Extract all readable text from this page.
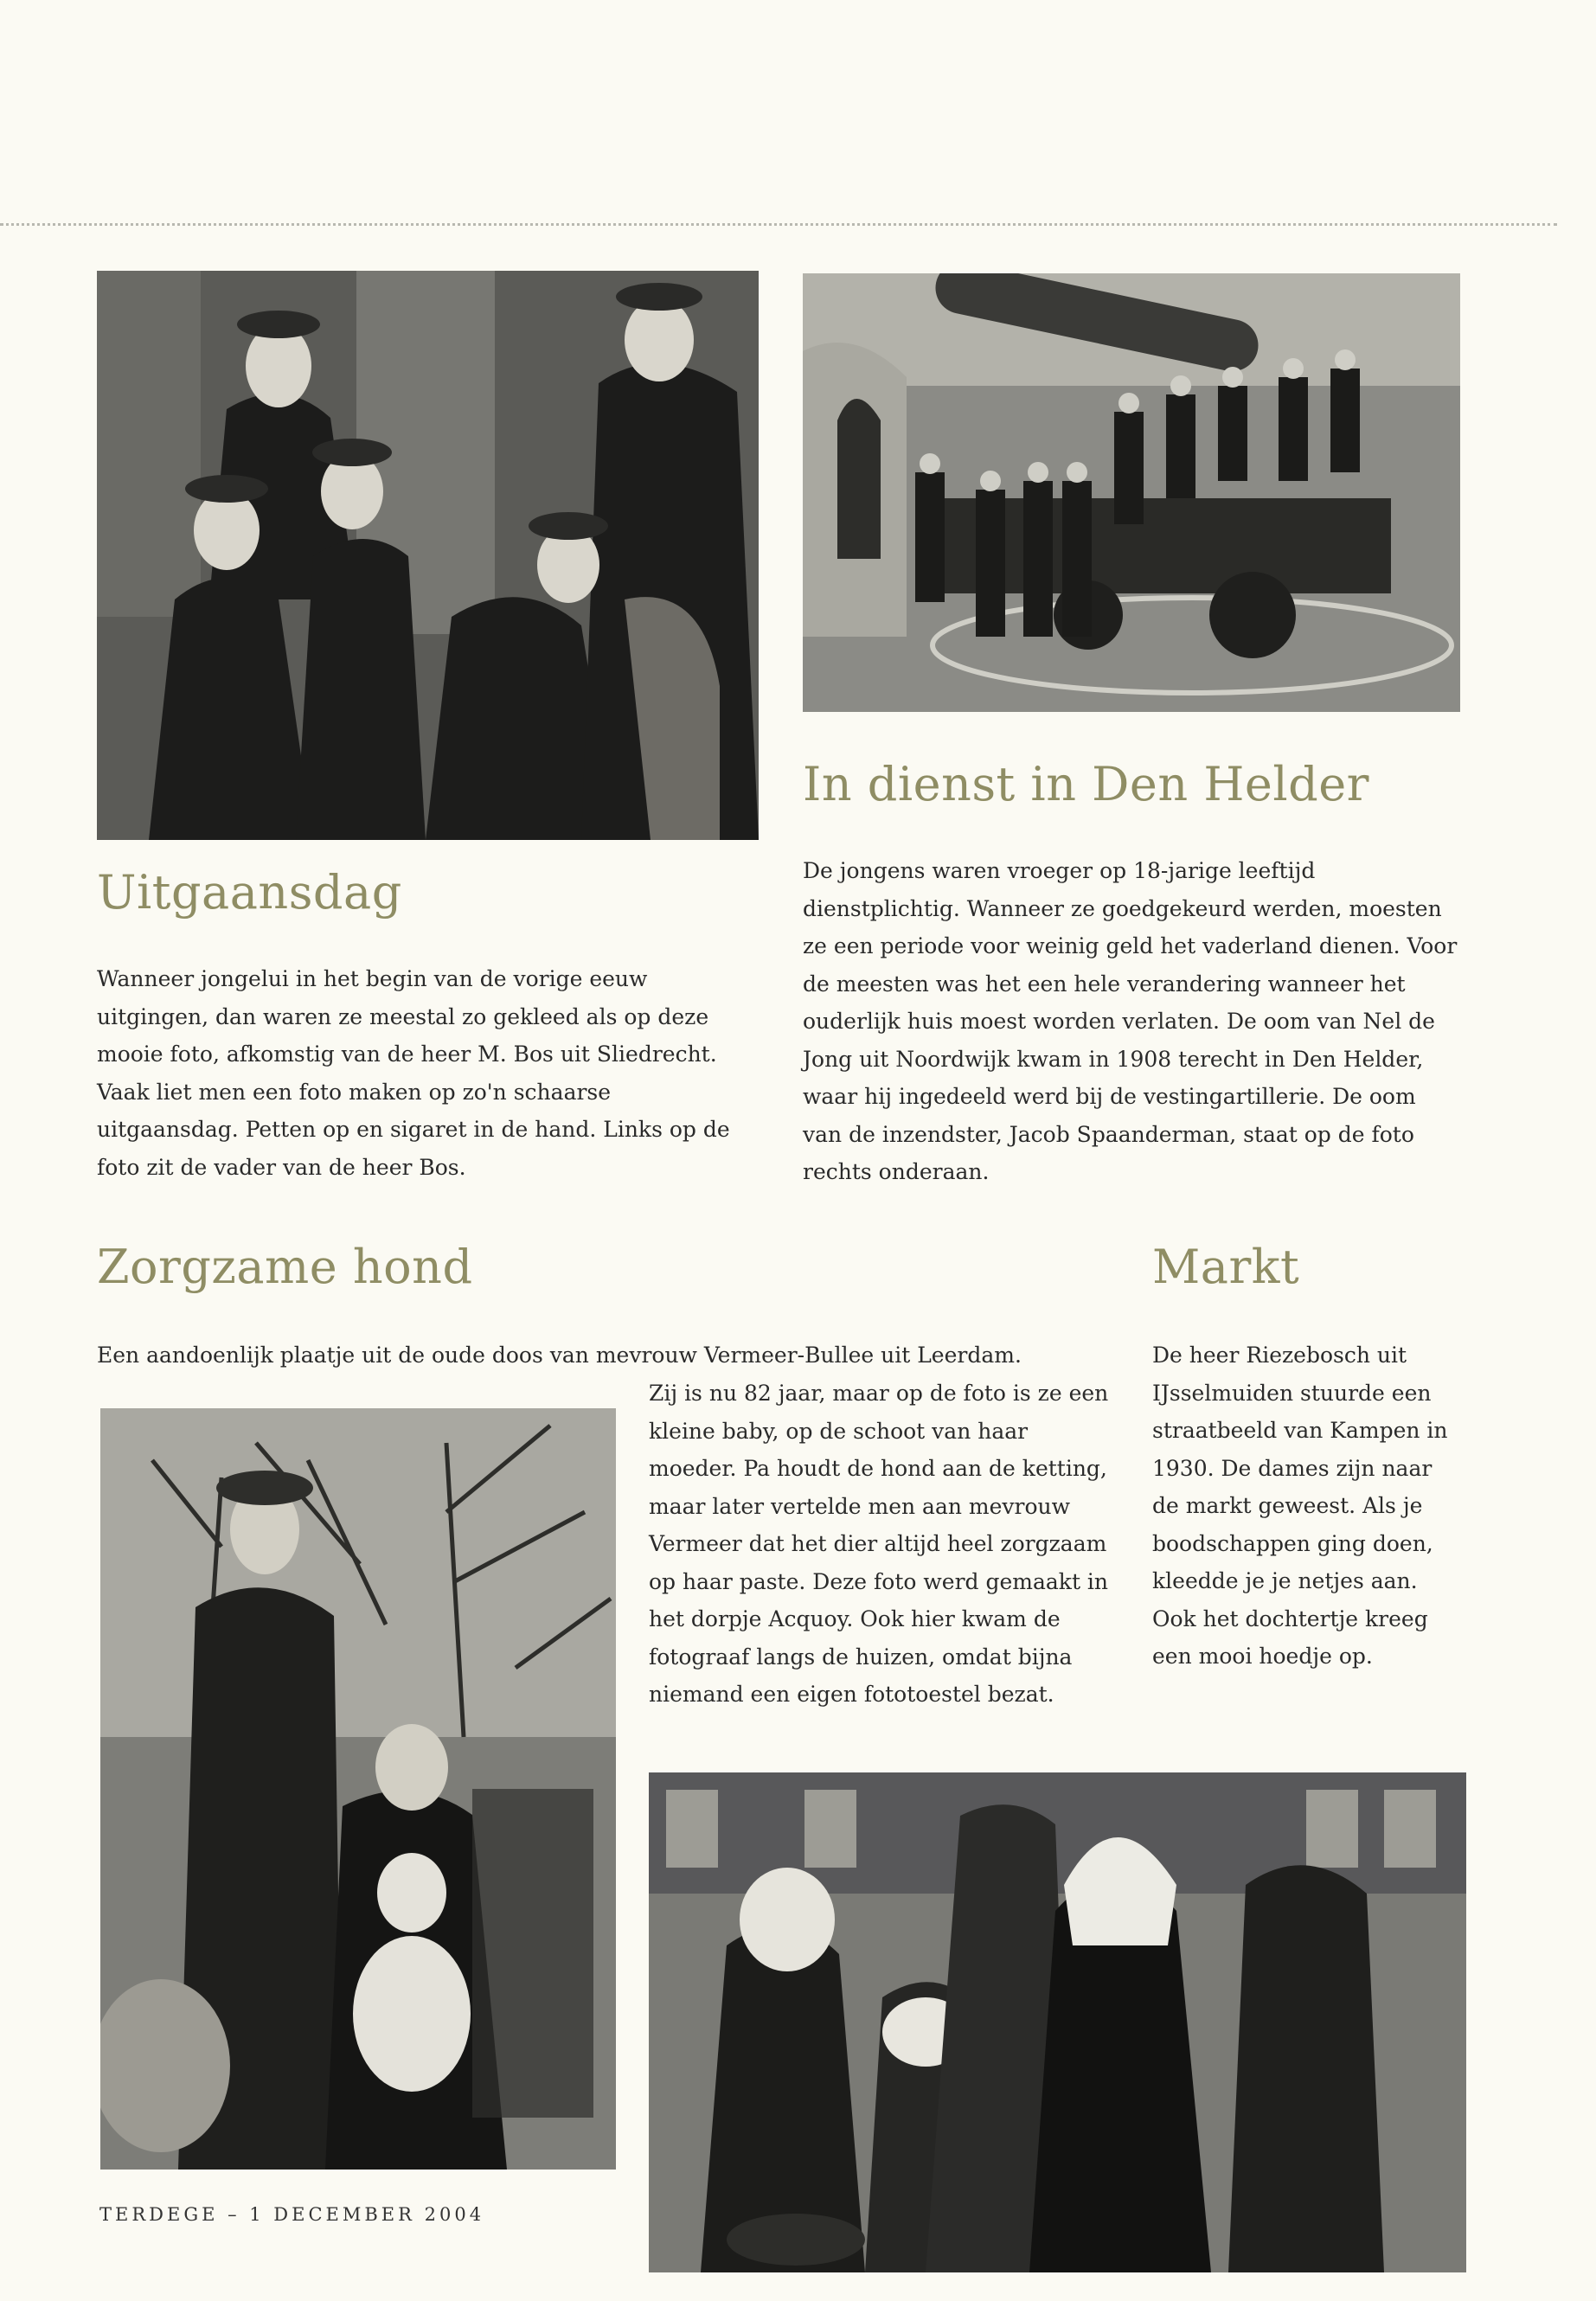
Uitgaansdag
In dienst in Den Helder
Zorgzame hond	Markt

Wanneer jongelui in het begin van de vorige eeuw uitgingen, dan waren ze meestal zo gekleed als op deze mooie foto, afkomstig van de heer M. Bos uit Sliedrecht. Vaak liet men een foto maken op zo'n schaarse uitgaansdag. Petten op en sigaret in de hand. Links op de foto zit de vader van de heer Bos.

De jongens waren vroeger op 18-jarige leeftijd dienstplichtig. Wanneer ze goedgekeurd werden, moesten ze een periode voor weinig geld het vaderland dienen. Voor de meesten was het een hele verandering wanneer het ouderlijk huis moest worden verlaten. De oom van Nel de Jong uit Noordwijk kwam in 1908 terecht in Den Helder, waar hij ingedeeld werd bij de vestingartillerie. De oom van de inzendster, Jacob Spaanderman, staat op de foto rechts onderaan.

Een aandoenlijk plaatje uit de oude doos van mevrouw Vermeer-Bullee uit Leerdam.

Zij is nu 82 jaar, maar op de foto is ze een kleine baby, op de schoot van haar moeder. Pa houdt de hond aan de ketting, maar later vertelde men aan mevrouw Vermeer dat het dier altijd heel zorgzaam op haar paste. Deze foto werd gemaakt in het dorpje Acquoy. Ook hier kwam de fotograaf langs de huizen, omdat bijna niemand een eigen fototoestel bezat.

De heer Riezebosch uit IJsselmuiden stuurde een straatbeeld van Kampen in 1930. De dames zijn naar de markt geweest. Als je boodschappen ging doen, kleedde je je netjes aan. Ook het dochtertje kreeg een mooi hoedje op.

TERDEGE – 1 DECEMBER 2004
